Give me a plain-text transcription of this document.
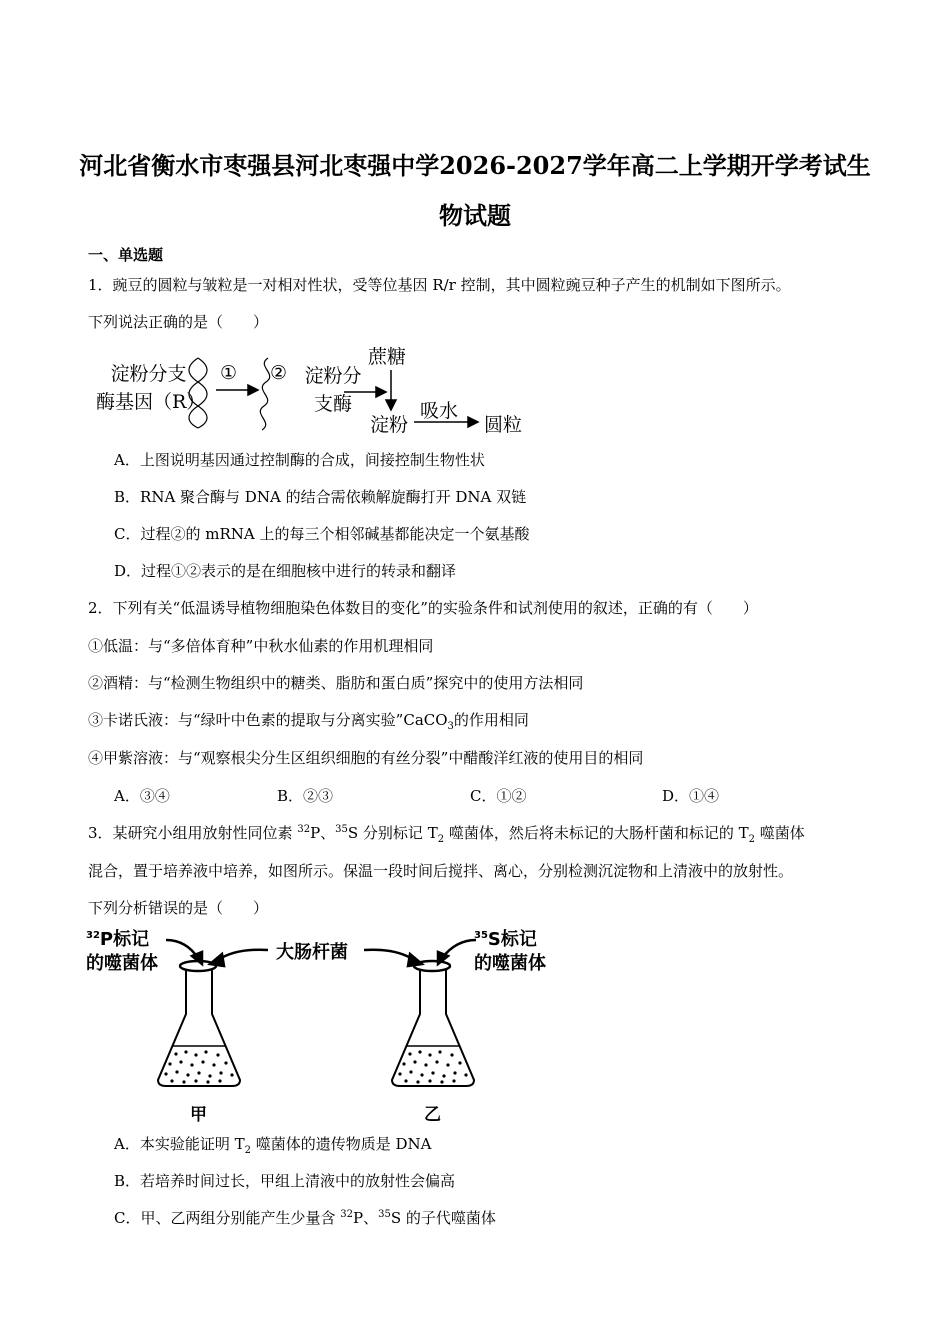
河北省衡水市枣强县河北枣强中学2026-2027学年高二上学期开学考试生
物试题
一、单选题
1．豌豆的圆粒与皱粒是一对相对性状，受等位基因 R/r 控制，其中圆粒豌豆种子产生的机制如下图所示。
下列说法正确的是（　　）
淀粉分支
酶基因（R）
① ② 淀粉分
支酶
蔗糖
淀粉
吸水
圆粒
A．上图说明基因通过控制酶的合成，间接控制生物性状
B．RNA 聚合酶与 DNA 的结合需依赖解旋酶打开 DNA 双链
C．过程②的 mRNA 上的每三个相邻碱基都能决定一个氨基酸
D．过程①②表示的是在细胞核中进行的转录和翻译
2．下列有关“低温诱导植物细胞染色体数目的变化”的实验条件和试剂使用的叙述，正确的有（　　）
①低温：与“多倍体育种”中秋水仙素的作用机理相同
②酒精：与“检测生物组织中的糖类、脂肪和蛋白质”探究中的使用方法相同
③卡诺氏液：与“绿叶中色素的提取与分离实验”CaCO$_3$的作用相同
④甲紫溶液：与“观察根尖分生区组织细胞的有丝分裂”中醋酸洋红液的使用目的相同
A．③④	B．②③	C．①②	D．①④
3．某研究小组用放射性同位素 $^{32}$P、$^{35}$S 分别标记 $T_2$ 噬菌体，然后将未标记的大肠杆菌和标记的 $T_2$ 噬菌体
混合，置于培养液中培养，如图所示。保温一段时间后搅拌、离心，分别检测沉淀物和上清液中的放射性。
下列分析错误的是（　　）
$^{32}$P标记
的噬菌体
大肠杆菌
$^{35}$S标记
的噬菌体
甲	乙
A．本实验能证明 $T_2$ 噬菌体的遗传物质是 DNA
B．若培养时间过长，甲组上清液中的放射性会偏高
C．甲、乙两组分别能产生少量含 $^{32}$P、$^{35}$S 的子代噬菌体
